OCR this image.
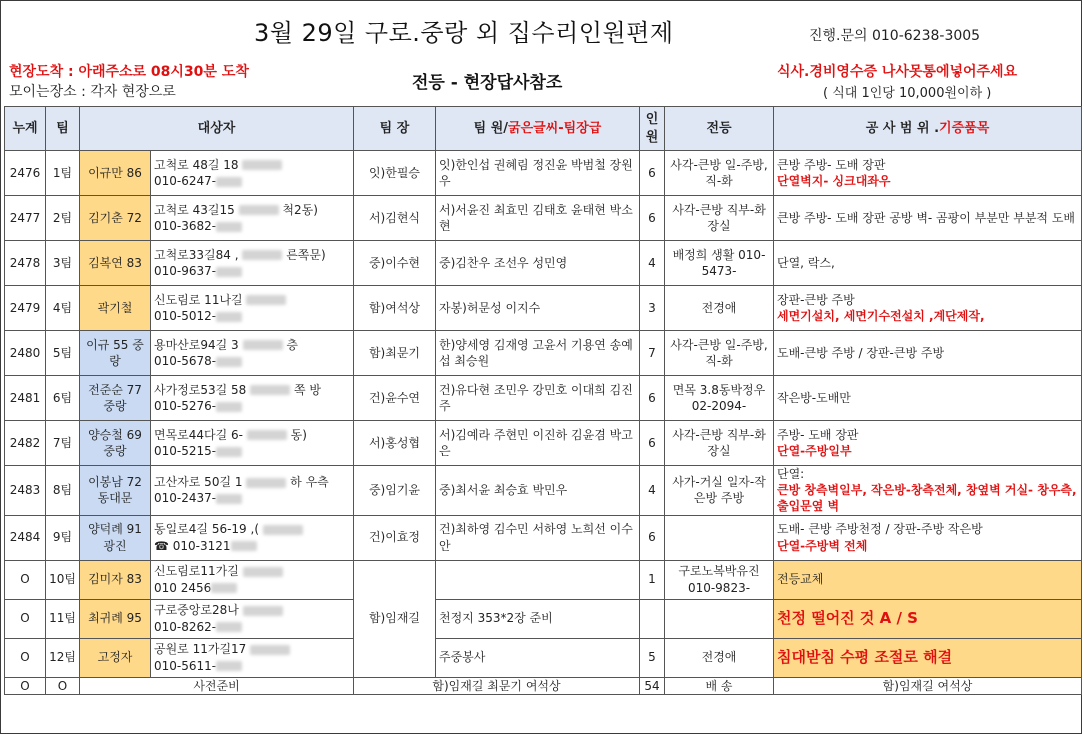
3월 29일 구로.중랑 외 집수리인원편제	진행.문의 010-6238-3005
현장도착 : 아래주소로 08시30분 도착
모이는장소 : 각자 현장으로	전등 - 현장답사참조
식사.경비영수증 나사못통에넣어주세요
( 식대 1인당 10,000원이하 )
누계	팀	대상자		팀 장	팀 원/굵은글씨-팀장급	인원	전등	공 사 범 위 .기증품목
2476	1팀	이규만 86	고척로 48길 18
010-6247-	잇)한필승	잇)한인섭 권혜림 정진윤 박범철 장원우	6	사각-큰방 일-주방,직-화	큰방 주방- 도배 장판
단열벽지- 싱크대좌우
2477	2팀	김기춘 72	고척로 43길15 척2동)
010-3682-	서)김현식	서)서윤진 최효민 김태호 윤태현 박소현	6	사각-큰방 직부-화장실	큰방 주방- 도배 장판 공방 벽- 곰팡이 부분만 부분적 도배
2478	3팀	김복연 83	고척로33길84 , 른쪽문)
010-9637-	중)이수현	중)김찬우 조선우 성민영	4	배정희 생활 010-5473-	단열, 락스,
2479	4팀	곽기철	신도림로 11나길
010-5012-	함)여석상	자봉)허문성 이지수	3	전경애	장판-큰방 주방
세면기설치, 세면기수전설치 ,계단제작,
2480	5팀	이규 55 중랑	용마산로94길 3 층
010-5678-	함)최문기	한)양세영 김재영 고윤서 기용연 송예섭 최승원	7	사각-큰방 일-주방,직-화	도배-큰방 주방 / 장판-큰방 주방
2481	6팀	전준순 77 중랑	사가정로53길 58 쪽 방
010-5276-	건)윤수연	건)유다현 조민우 강민호 이대희 김진주	6	면목 3.8동박정우 02-2094-	작은방-도배만
2482	7팀	양승철 69 중랑	면목로44다길 6- 동)
010-5215-	서)홍성협	서)김예라 주현민 이진하 김윤겸 박고은	6	사각-큰방 직부-화장실	주방- 도배 장판
단열-주방일부
2483	8팀	이봉남 72 동대문	고산자로 50길 1 하 우측
010-2437-	중)임기윤	중)최서윤 최승효 박민우	4	사가-거실 일자-작은방 주방	단열:
큰방 창측벽일부, 작은방-창측전체, 창옆벽 거실- 창우측, 출입문옆 벽
2484	9팀	양덕례 91 광진	동일로4길 56-19 ,(
☎ 010-3121	건)이효정	건)최하영 김수민 서하영 노희선 이수안	6		도배- 큰방 주방천정 / 장판-주방 작은방
단열-주방벽 전체
O	10팀	김미자 83	신도림로11가길
010 2456	함)임재길		1	구로노복박유진 010-9823-	전등교체
O	11팀	최귀례 95	구로중앙로28나
010-8262-		천정지 353*2장 준비			천정 떨어진 것 A / S
O	12팀	고정자	공원로 11가길17
010-5611-		주중봉사	5	전경애	침대받침 수평 조절로 해결
O	O	사전준비		함)임재길 최문기 여석상		54	배 송	함)임재길 여석상
